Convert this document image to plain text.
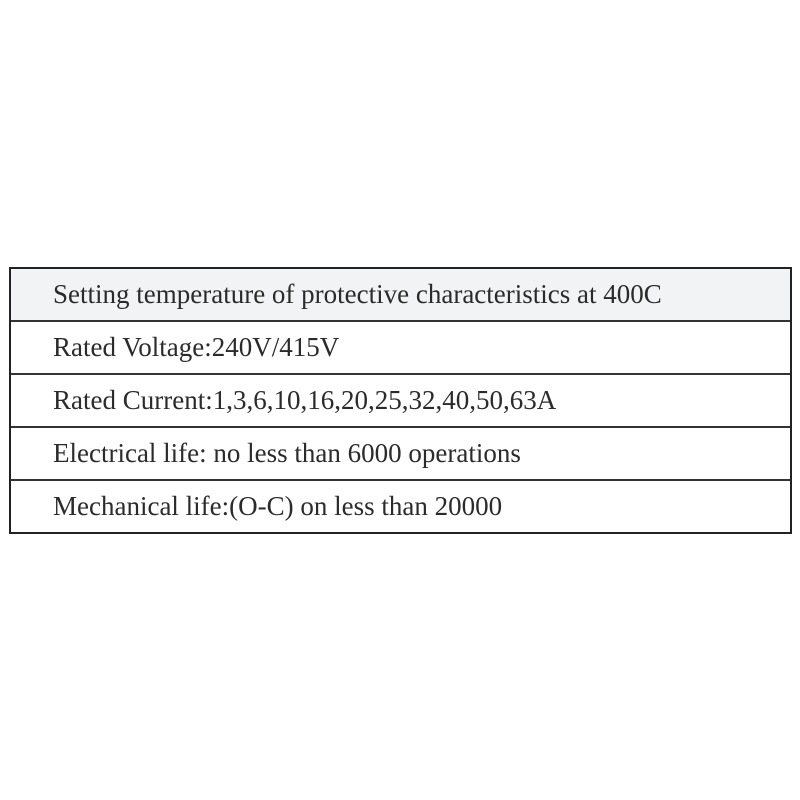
Setting temperature of protective characteristics at 400C
Rated Voltage:240V/415V
Rated Current:1,3,6,10,16,20,25,32,40,50,63A
Electrical life: no less than 6000 operations
Mechanical life:(O-C) on less than 20000
